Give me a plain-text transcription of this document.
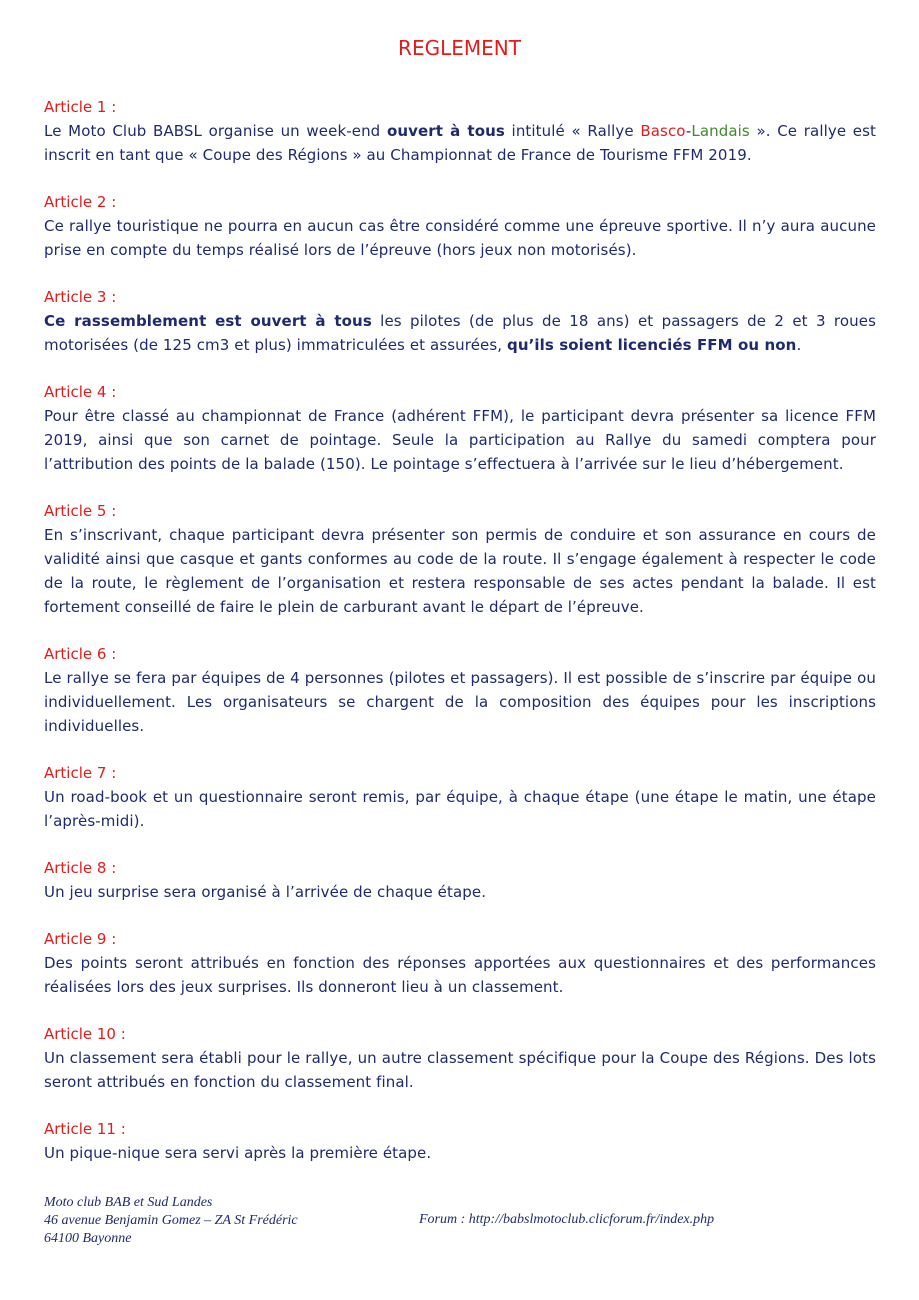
REGLEMENT
Article 1 :
Le Moto Club BABSL organise un week-end ouvert à tous intitulé « Rallye Basco-Landais ». Ce rallye est inscrit en tant que « Coupe des Régions » au Championnat de France de Tourisme FFM 2019.
Article 2 :
Ce rallye touristique ne pourra en aucun cas être considéré comme une épreuve sportive. Il n’y aura aucune prise en compte du temps réalisé lors de l’épreuve (hors jeux non motorisés).
Article 3 :
Ce rassemblement est ouvert à tous les pilotes (de plus de 18 ans) et passagers de 2 et 3 roues motorisées (de 125 cm3 et plus) immatriculées et assurées, qu’ils soient licenciés FFM ou non.
Article 4 :
Pour être classé au championnat de France (adhérent FFM), le participant devra présenter sa licence FFM 2019, ainsi que son carnet de pointage. Seule la participation au Rallye du samedi comptera pour l’attribution des points de la balade (150). Le pointage s’effectuera à l’arrivée sur le lieu d’hébergement.
Article 5 :
En s’inscrivant, chaque participant devra présenter son permis de conduire et son assurance en cours de validité ainsi que casque et gants conformes au code de la route. Il s’engage également à respecter le code de la route, le règlement de l’organisation et restera responsable de ses actes pendant la balade. Il est fortement conseillé de faire le plein de carburant avant le départ de l’épreuve.
Article 6 :
Le rallye se fera par équipes de 4 personnes (pilotes et passagers). Il est possible de s’inscrire par équipe ou individuellement. Les organisateurs se chargent de la composition des équipes pour les inscriptions individuelles.
Article 7 :
Un road-book et un questionnaire seront remis, par équipe, à chaque étape (une étape le matin, une étape l’après-midi).
Article 8 :
Un jeu surprise sera organisé à l’arrivée de chaque étape.
Article 9 :
Des points seront attribués en fonction des réponses apportées aux questionnaires et des performances réalisées lors des jeux surprises. Ils donneront lieu à un classement.
Article 10 :
Un classement sera établi pour le rallye, un autre classement spécifique pour la Coupe des Régions. Des lots seront attribués en fonction du classement final.
Article 11 :
Un pique-nique sera servi après la première étape.
Moto club BAB et Sud Landes
46 avenue Benjamin Gomez – ZA St Frédéric
64100 Bayonne
Forum : http://babslmotoclub.clicforum.fr/index.php
